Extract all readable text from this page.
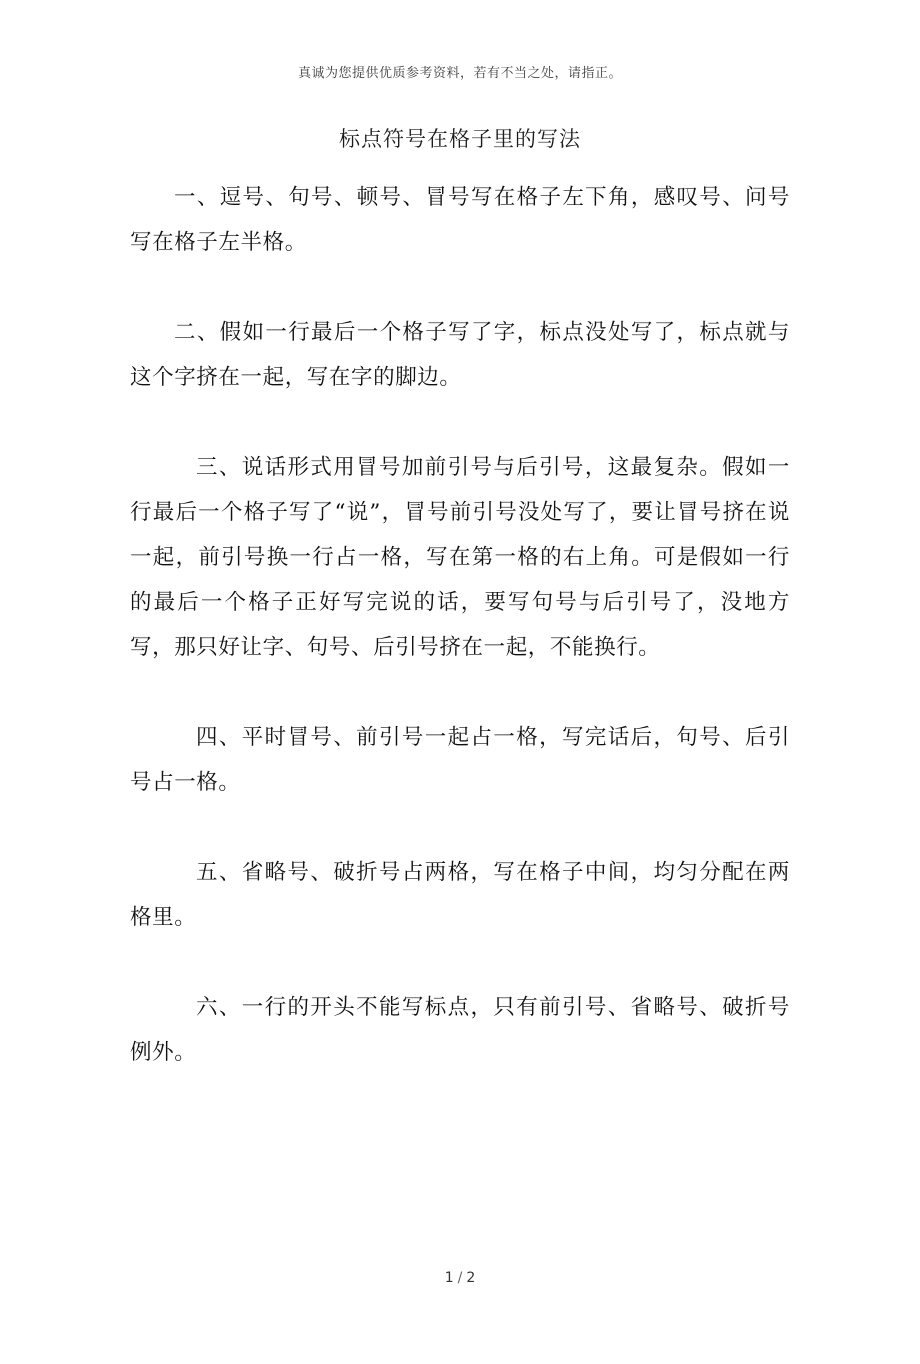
真诚为您提供优质参考资料，若有不当之处，请指正。
标点符号在格子里的写法

一、逗号、句号、顿号、冒号写在格子左下角，感叹号、问号写在格子左半格。

二、假如一行最后一个格子写了字，标点没处写了，标点就与这个字挤在一起，写在字的脚边。

三、说话形式用冒号加前引号与后引号，这最复杂。假如一行最后一个格子写了“说”，冒号前引号没处写了，要让冒号挤在说一起，前引号换一行占一格，写在第一格的右上角。可是假如一行的最后一个格子正好写完说的话，要写句号与后引号了，没地方写，那只好让字、句号、后引号挤在一起，不能换行。

四、平时冒号、前引号一起占一格，写完话后，句号、后引号占一格。

五、省略号、破折号占两格，写在格子中间，均匀分配在两格里。

六、一行的开头不能写标点，只有前引号、省略号、破折号例外。

1 / 2
